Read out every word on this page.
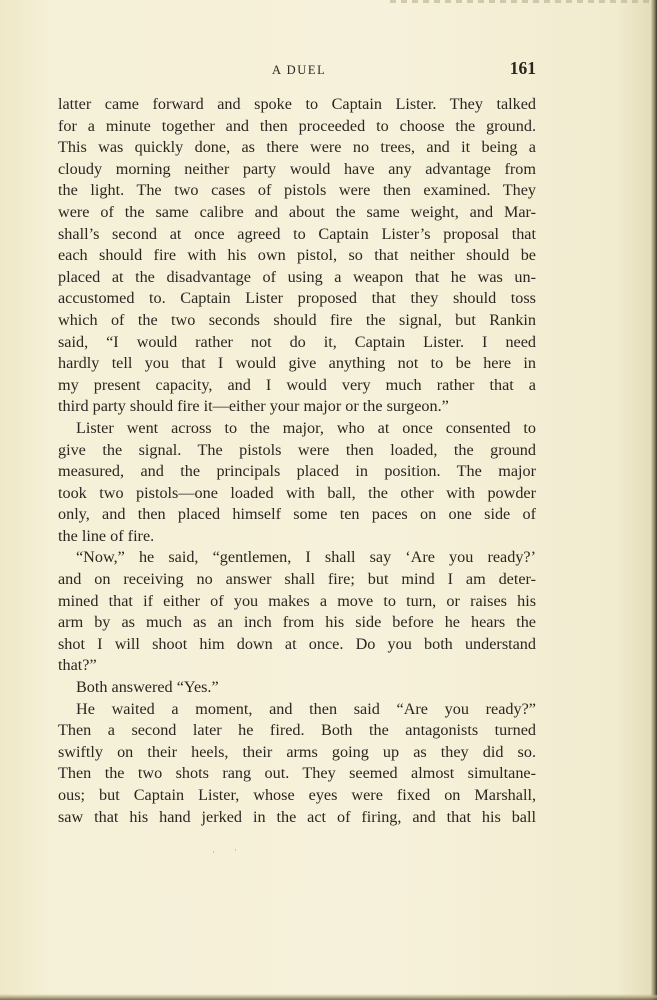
A DUEL	161
latter came forward and spoke to Captain Lister. They talked
for a minute together and then proceeded to choose the ground.
This was quickly done, as there were no trees, and it being a
cloudy morning neither party would have any advantage from
the light. The two cases of pistols were then examined. They
were of the same calibre and about the same weight, and Mar-
shall’s second at once agreed to Captain Lister’s proposal that
each should fire with his own pistol, so that neither should be
placed at the disadvantage of using a weapon that he was un-
accustomed to. Captain Lister proposed that they should toss
which of the two seconds should fire the signal, but Rankin
said, “I would rather not do it, Captain Lister. I need
hardly tell you that I would give anything not to be here in
my present capacity, and I would very much rather that a
third party should fire it—either your major or the surgeon.”
Lister went across to the major, who at once consented to
give the signal. The pistols were then loaded, the ground
measured, and the principals placed in position. The major
took two pistols—one loaded with ball, the other with powder
only, and then placed himself some ten paces on one side of
the line of fire.
“Now,” he said, “gentlemen, I shall say ‘Are you ready?’
and on receiving no answer shall fire; but mind I am deter-
mined that if either of you makes a move to turn, or raises his
arm by as much as an inch from his side before he hears the
shot I will shoot him down at once. Do you both understand
that?”
Both answered “Yes.”
He waited a moment, and then said “Are you ready?”
Then a second later he fired. Both the antagonists turned
swiftly on their heels, their arms going up as they did so.
Then the two shots rang out. They seemed almost simultane-
ous; but Captain Lister, whose eyes were fixed on Marshall,
saw that his hand jerked in the act of firing, and that his ball
ˈ ˈ
